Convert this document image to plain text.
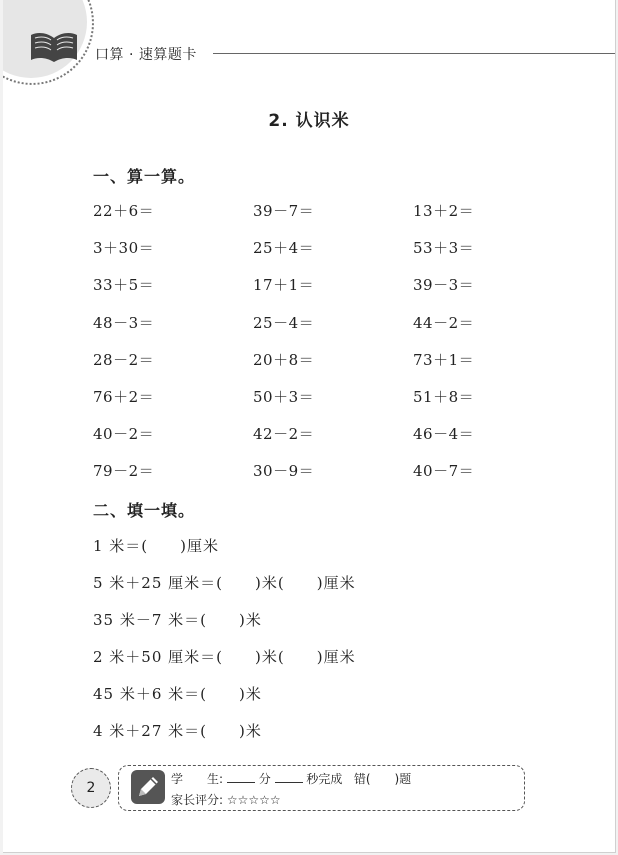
口算 · 速算题卡
2. 认识米
一、算一算。
22＋6＝
3＋30＝
33＋5＝
48－3＝
28－2＝
76＋2＝
40－2＝
79－2＝
39－7＝
25＋4＝
17＋1＝
25－4＝
20＋8＝
50＋3＝
42－2＝
30－9＝
13＋2＝
53＋3＝
39－3＝
44－2＝
73＋1＝
51＋8＝
46－4＝
40－7＝
二、填一填。
1 米＝(　　)厘米
5 米＋25 厘米＝(　　)米(　　)厘米
35 米－7 米＝(　　)米
2 米＋50 厘米＝(　　)米(　　)厘米
45 米＋6 米＝(　　)米
4 米＋27 米＝(　　)米
2
学　　生:	分	秒完成 错(　　)题
家长评分: ☆☆☆☆☆
